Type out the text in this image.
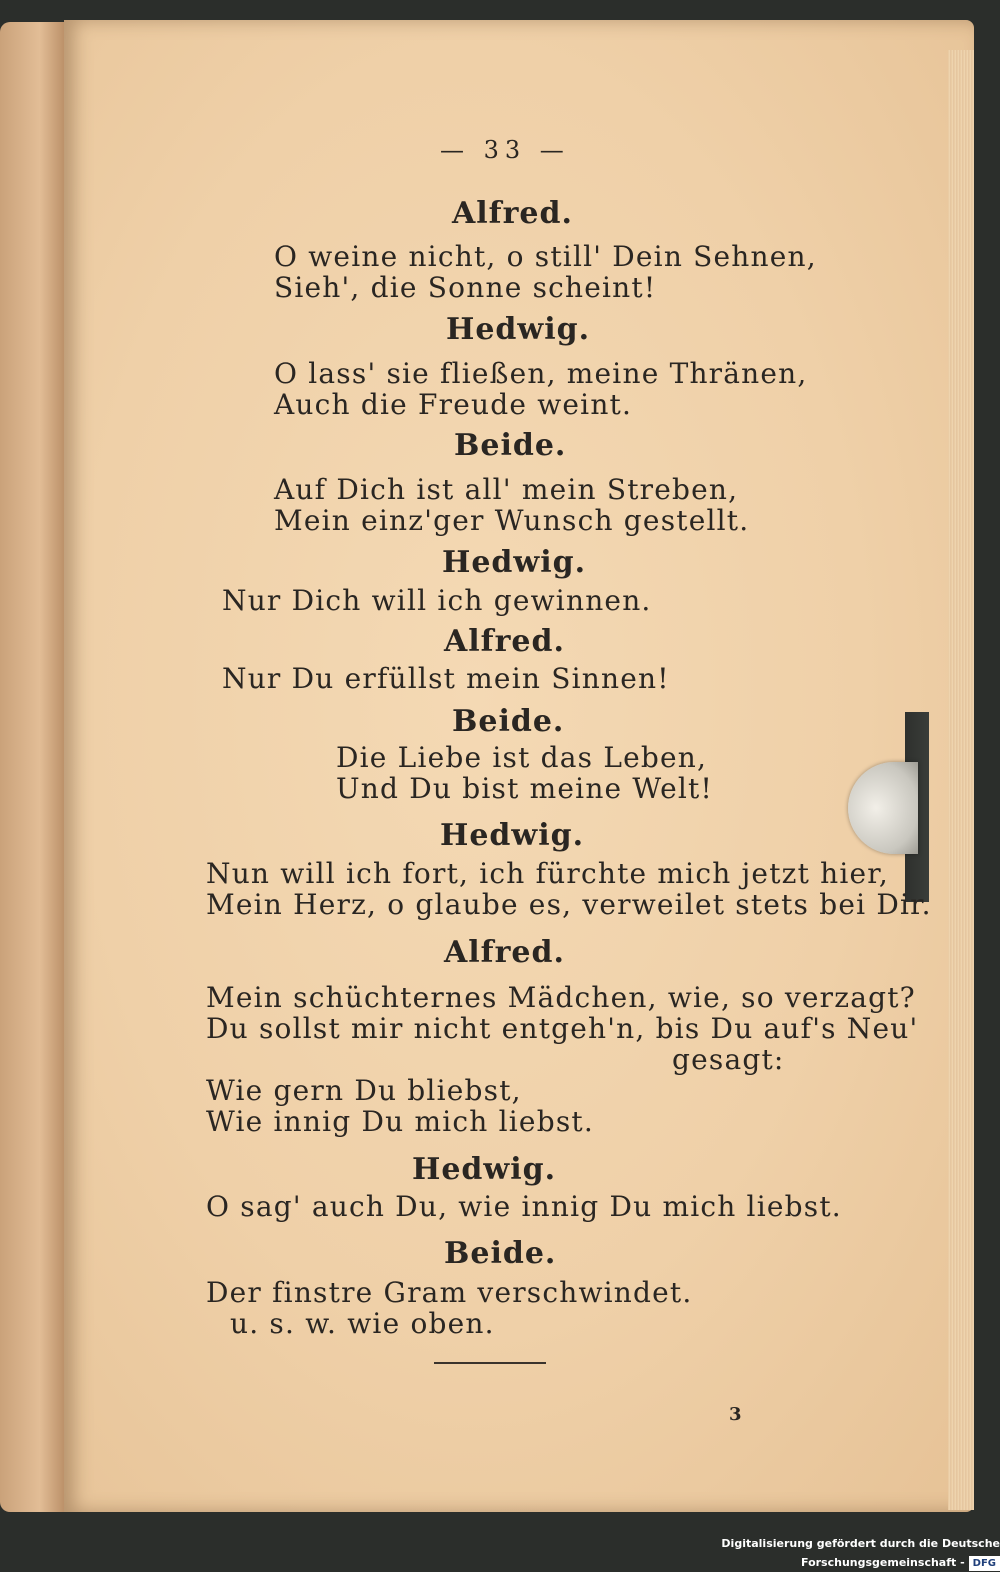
— 33 —
Alfred.
O weine nicht, o still' Dein Sehnen,
Sieh', die Sonne scheint!
Hedwig.
O lass' sie fließen, meine Thränen,
Auch die Freude weint.
Beide.
Auf Dich ist all' mein Streben,
Mein einz'ger Wunsch gestellt.
Hedwig.
Nur Dich will ich gewinnen.
Alfred.
Nur Du erfüllst mein Sinnen!
Beide.
Die Liebe ist das Leben,
Und Du bist meine Welt!
Hedwig.
Nun will ich fort, ich fürchte mich jetzt hier,
Mein Herz, o glaube es, verweilet stets bei Dir.
Alfred.
Mein schüchternes Mädchen, wie, so verzagt?
Du sollst mir nicht entgeh'n, bis Du auf's Neu'
gesagt:
Wie gern Du bliebst,
Wie innig Du mich liebst.
Hedwig.
O sag' auch Du, wie innig Du mich liebst.
Beide.
Der finstre Gram verschwindet.
u. s. w. wie oben.
3
Digitalisierung gefördert durch die Deutsche Forschungsgemeinschaft - DFG
